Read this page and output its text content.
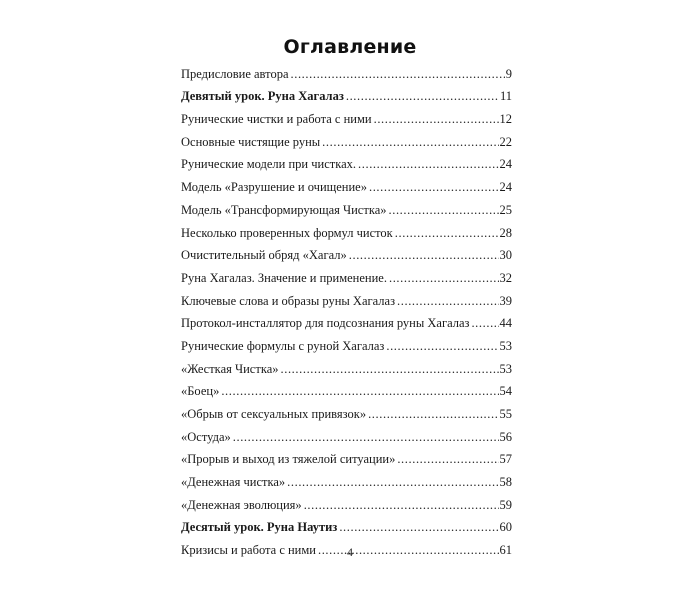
Оглавление
Предисловие автора .....	9
Девятый урок. Руна Хагалаз .....	11
Рунические чистки и работа с ними .....	12
Основные чистящие руны .....	22
Рунические модели при чистках. .....	24
Модель «Разрушение и очищение» .....	24
Модель «Трансформирующая Чистка» .....	25
Несколько проверенных формул чисток .....	28
Очистительный обряд «Хагал» .....	30
Руна Хагалаз. Значение и применение. .....	32
Ключевые слова и образы руны Хагалаз .....	39
Протокол-инсталлятор для подсознания руны Хагалаз ..... 44
Рунические формулы с руной Хагалаз .....	53
«Жесткая Чистка» .....	53
«Боец» .....	54
«Обрыв от сексуальных привязок» .....	55
«Остуда» .....	56
«Прорыв и выход из тяжелой ситуации» .....	57
«Денежная чистка» .....	58
«Денежная эволюция» .....	59
Десятый урок. Руна Наутиз .....	60
Кризисы и работа с ними .....	61
4
